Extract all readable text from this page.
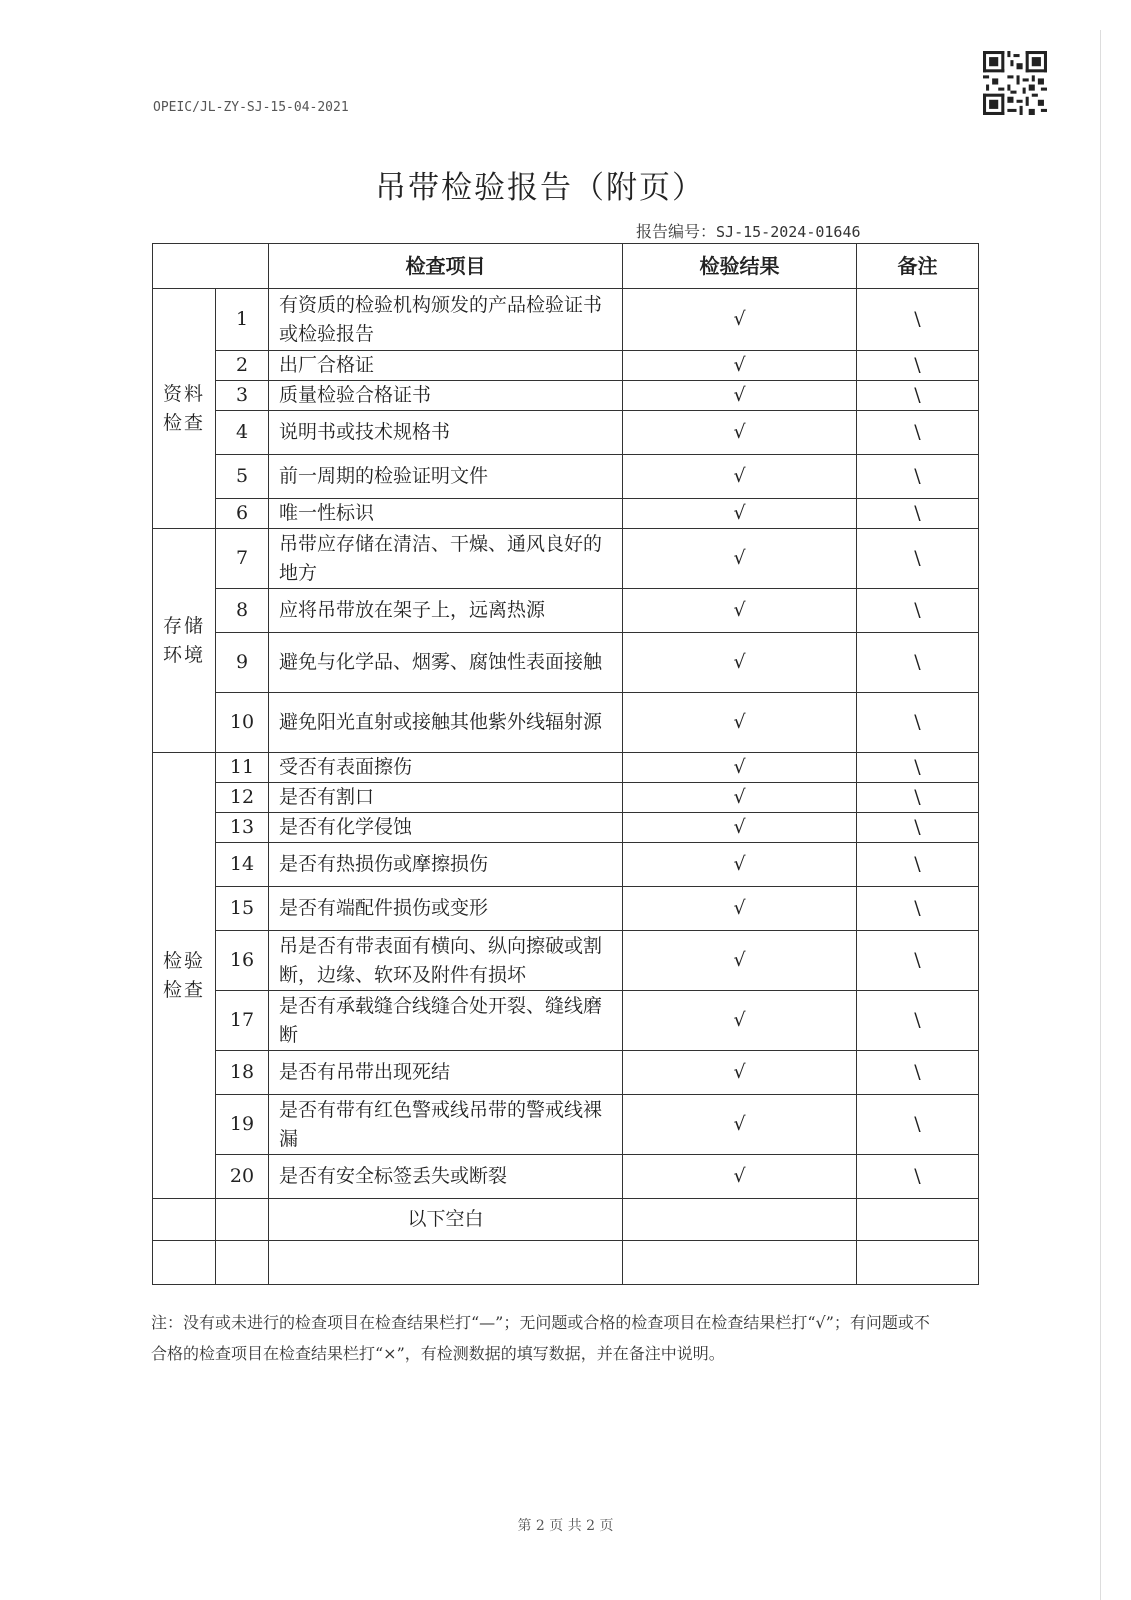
OPEIC/JL-ZY-SJ-15-04-2021
吊带检验报告（附页）
报告编号：SJ-15-2024-01646
		检查项目	检验结果	备注
资料
检查	1	有资质的检验机构颁发的产品检验证书或检验报告	√	\
	2	出厂合格证	√	\
	3	质量检验合格证书	√	\
	4	说明书或技术规格书	√	\
	5	前一周期的检验证明文件	√	\
	6	唯一性标识	√	\
存储
环境	7	吊带应存储在清洁、干燥、通风良好的地方	√	\
	8	应将吊带放在架子上，远离热源	√	\
	9	避免与化学品、烟雾、腐蚀性表面接触	√	\
	10	避免阳光直射或接触其他紫外线辐射源	√	\
检验
检查	11	受否有表面擦伤	√	\
	12	是否有割口	√	\
	13	是否有化学侵蚀	√	\
	14	是否有热损伤或摩擦损伤	√	\
	15	是否有端配件损伤或变形	√	\
	16	吊是否有带表面有横向、纵向擦破或割断，边缘、软环及附件有损坏	√	\
	17	是否有承载缝合线缝合处开裂、缝线磨断	√	\
	18	是否有吊带出现死结	√	\
	19	是否有带有红色警戒线吊带的警戒线裸漏	√	\
	20	是否有安全标签丢失或断裂	√	\
		以下空白		

注：没有或未进行的检查项目在检查结果栏打“—”；无问题或合格的检查项目在检查结果栏打“√”；有问题或不合格的检查项目在检查结果栏打“×”，有检测数据的填写数据，并在备注中说明。
第 2 页 共 2 页
